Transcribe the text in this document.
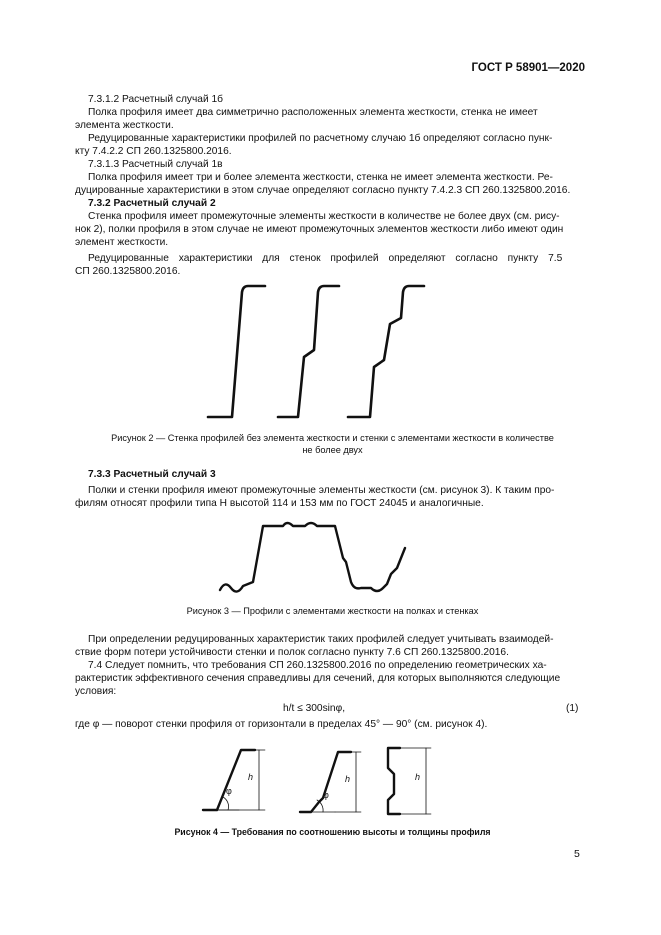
ГОСТ Р 58901—2020
7.3.1.2 Расчетный случай 1б
Полка профиля имеет два симметрично расположенных элемента жесткости, стенка не имеет
элемента жесткости.
Редуцированные характеристики профилей по расчетному случаю 1б определяют согласно пунк-
кту 7.4.2.2 СП 260.1325800.2016.
7.3.1.3 Расчетный случай 1в
Полка профиля имеет три и более элемента жесткости, стенка не имеет элемента жесткости. Ре-
дуцированные характеристики в этом случае определяют согласно пункту 7.4.2.3 СП 260.1325800.2016.
7.3.2 Расчетный случай 2
Стенка профиля имеет промежуточные элементы жесткости в количестве не более двух (см. рису-
нок 2), полки профиля в этом случае не имеют промежуточных элементов жесткости либо имеют один
элемент жесткости.
Редуцированные характеристики для стенок профилей определяют согласно пункту 7.5
СП 260.1325800.2016.
Рисунок 2 — Стенка профилей без элемента жесткости и стенки с элементами жесткости в количестве
не более двух
7.3.3 Расчетный случай 3
Полки и стенки профиля имеют промежуточные элементы жесткости (см. рисунок 3). К таким про-
филям относят профили типа Н высотой 114 и 153 мм по ГОСТ 24045 и аналогичные.
Рисунок 3 — Профили с элементами жесткости на полках и стенках
При определении редуцированных характеристик таких профилей следует учитывать взаимодей-
ствие форм потери устойчивости стенки и полок согласно пункту 7.6 СП 260.1325800.2016.
7.4 Следует помнить, что требования СП 260.1325800.2016 по определению геометрических ха-
рактеристик эффективного сечения справедливы для сечений, для которых выполняются следующие
условия:
h/t ≤ 300sinφ,	(1)
где φ — поворот стенки профиля от горизонтали в пределах 45° — 90° (см. рисунок 4).
h	h	h
φ	φ
Рисунок 4 — Требования по соотношению высоты и толщины профиля
5
